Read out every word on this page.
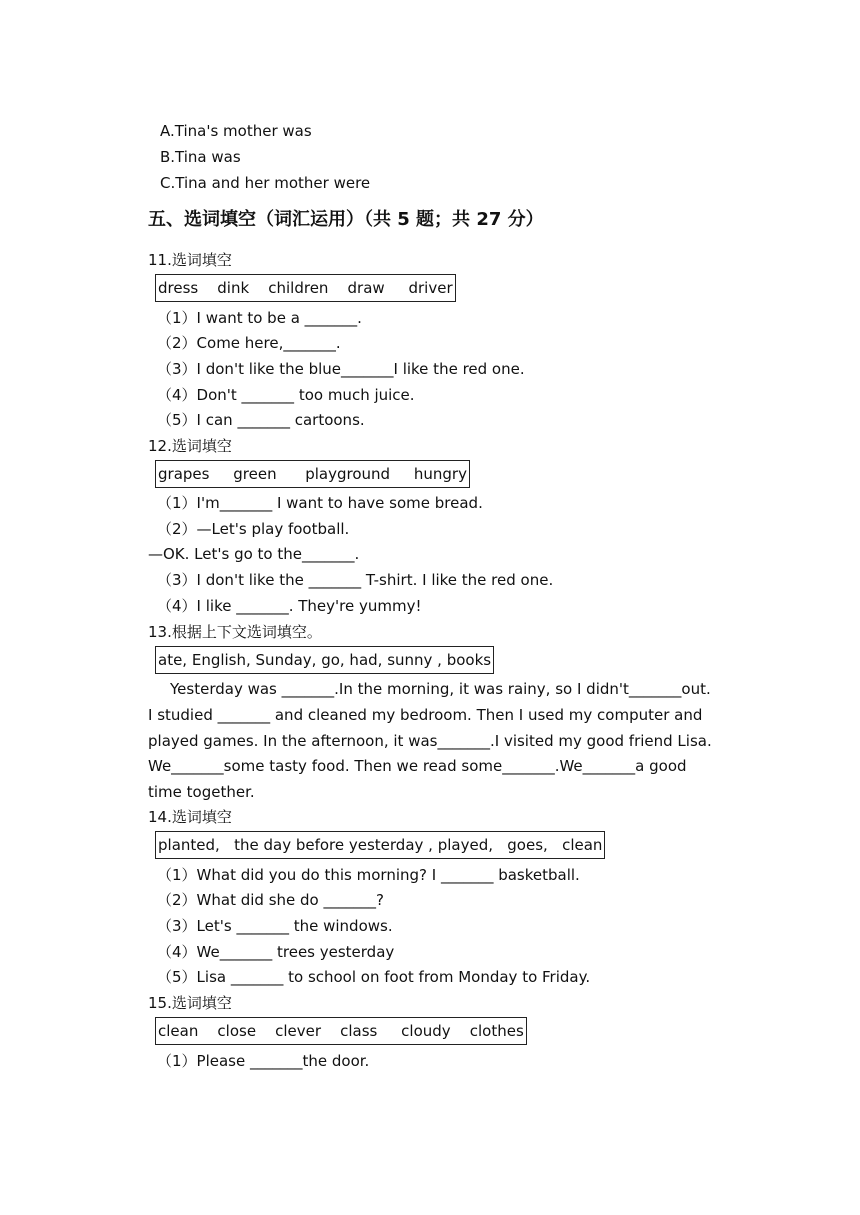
A.Tina's mother was
B.Tina was
C.Tina and her mother were
五、选词填空（词汇运用）（共 5 题；共 27 分）
11.选词填空
dress    dink    children    draw     driver
（1）I want to be a _______.
（2）Come here,_______.
（3）I don't like the blue_______I like the red one.
（4）Don't _______ too much juice.
（5）I can _______ cartoons.
12.选词填空
grapes     green      playground     hungry
（1）I'm_______ I want to have some bread.
（2）—Let's play football.
—OK. Let's go to the_______.
（3）I don't like the _______ T-shirt. I like the red one.
（4）I like _______. They're yummy!
13.根据上下文选词填空。
ate, English, Sunday, go, had, sunny , books
Yesterday was _______.In the morning, it was rainy, so I didn't_______out.
I studied _______ and cleaned my bedroom. Then I used my computer and
played games. In the afternoon, it was_______.I visited my good friend Lisa.
We_______some tasty food. Then we read some_______.We_______a good
time together.
14.选词填空
planted,   the day before yesterday , played,   goes,   clean
（1）What did you do this morning? I _______ basketball.
（2）What did she do _______?
（3）Let's _______ the windows.
（4）We_______ trees yesterday
（5）Lisa _______ to school on foot from Monday to Friday.
15.选词填空
clean    close    clever    class     cloudy    clothes
（1）Please _______the door.
